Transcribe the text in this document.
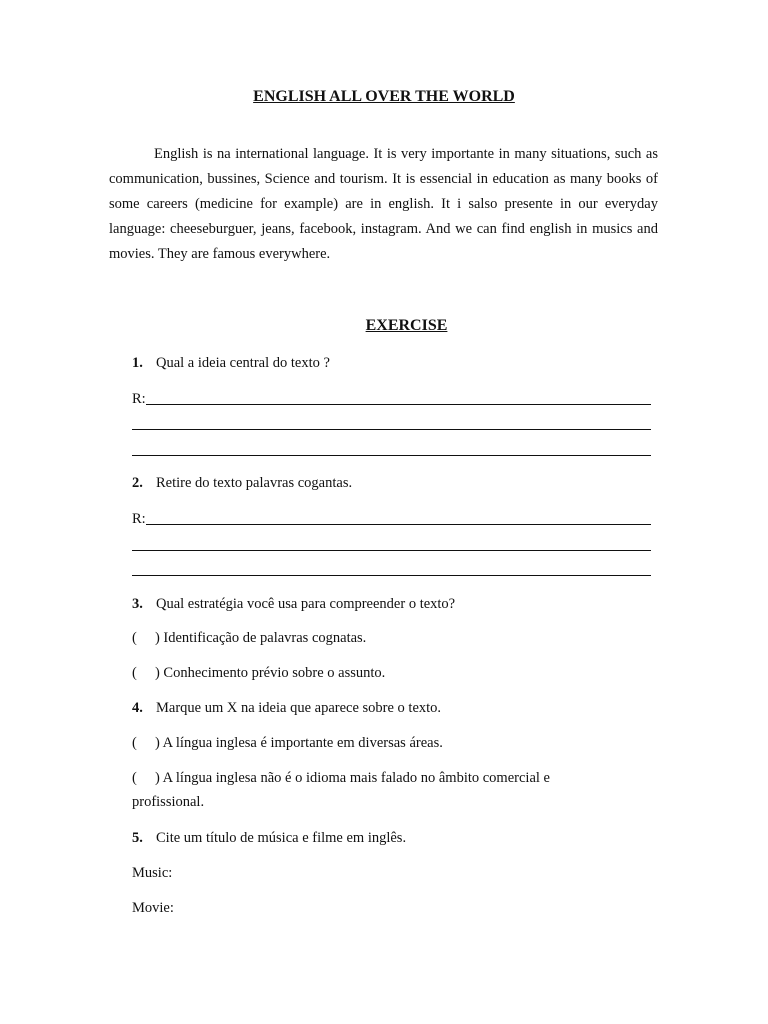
ENGLISH ALL OVER THE WORLD

English is na international language. It is very importante in many situations, such as communication, bussines, Science and tourism. It is essencial in education as many books of some careers (medicine for example) are in english. It i salso presente in our everyday language: cheeseburguer, jeans, facebook, instagram. And we can find english in musics and movies. They are famous everywhere.

EXERCISE
1. Qual a ideia central do texto ?
R:
2. Retire do texto palavras cogantas.
R:
3. Qual estratégia você usa para compreender o texto?
(     ) Identificação de palavras cognatas.
(     ) Conhecimento prévio sobre o assunto.
4. Marque um X na ideia que aparece sobre o texto.
(     ) A língua inglesa é importante em diversas áreas.
(     ) A língua inglesa não é o idioma mais falado no âmbito comercial e
profissional.
5. Cite um título de música e filme em inglês.
Music:
Movie:
